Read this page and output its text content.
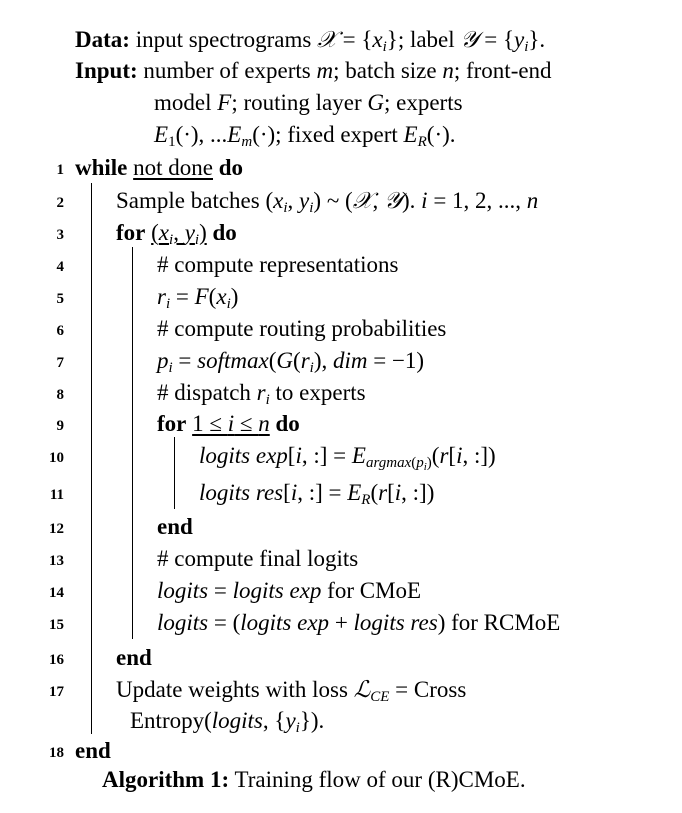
Data: input spectrograms 𝒳 = $\{x_i\}$; label 𝒴 = $\{y_i\}$.
Input: number of experts m; batch size n; front-end
model F; routing layer G; experts
$E_1(\cdot)$, $...E_m(\cdot)$; fixed expert $E_R(\cdot)$.
1 while not done do
2 Sample batches ($x_i$, $y_i$) ~ (𝒳, 𝒴). i = 1, 2, ..., n
3 for ($x_i$, $y_i$) do
4	# compute representations
5	$r_i = F(x_i)$
6	# compute routing probabilities
7	$p_i$ = $softmax(G(r_i)$, dim = −1)
8	# dispatch $r_i$ to experts
9	for 1 ≤ i ≤ n do
10	logits exp[i, :] = $E_{argmax(p_i)}(r[i$, :])
11	logits res[i, :] = $E_R(r[i$, :])
12	end
13	# compute final logits
14	logits = logits exp for CMoE
15	logits = (logits exp + logits res) for RCMoE
16 end
17 Update weights with loss ℒ$_{CE}$ = Cross
Entropy(logits, $\{y_i\}$).
18 end
Algorithm 1: Training flow of our (R)CMoE.
